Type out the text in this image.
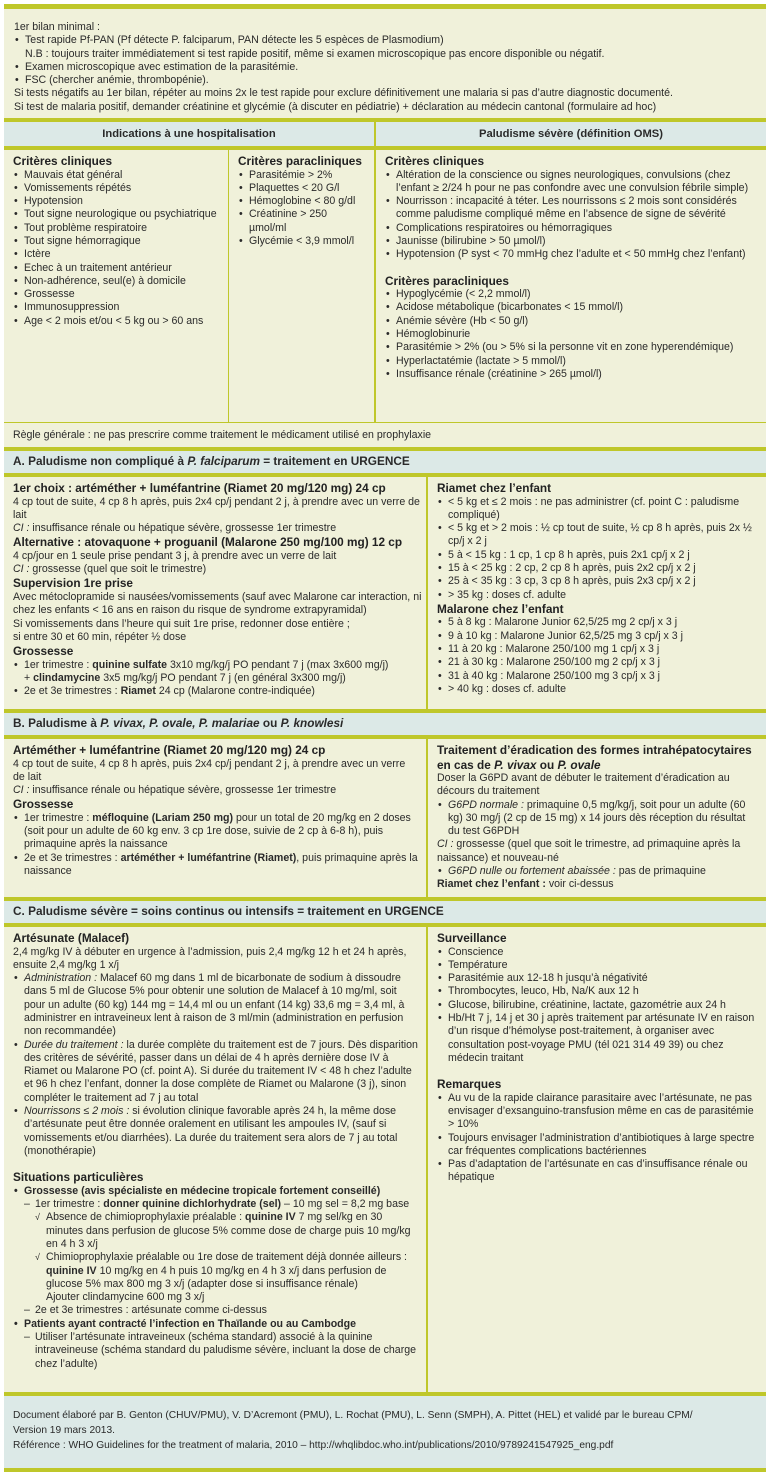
1er bilan minimal :

• Test rapide Pf-PAN (Pf détecte P. falciparum, PAN détecte les 5 espèces de Plasmodium)

N.B : toujours traiter immédiatement si test rapide positif, même si examen microscopique pas encore disponible ou négatif.

• Examen microscopique avec estimation de la parasitémie.
• FSC (chercher anémie, thrombopénie).

Si tests négatifs au 1er bilan, répéter au moins 2x le test rapide pour exclure définitivement une malaria si pas d’autre diagnostic documenté.

Si test de malaria positif, demander créatinine et glycémie (à discuter en pédiatrie) + déclaration au médecin cantonal (formulaire ad hoc)

Indications à une hospitalisation	Paludisme sévère (définition OMS)
Critères cliniques
• Mauvais état général
• Vomissements répétés
• Hypotension
• Tout signe neurologique ou psychiatrique
• Tout problème respiratoire
• Tout signe hémorragique
• Ictère
• Echec à un traitement antérieur
• Non-adhérence, seul(e) à domicile
• Grossesse
• Immunosuppression
• Age < 2 mois et/ou < 5 kg ou > 60 ans
Critères paracliniques
• Parasitémie > 2%
• Plaquettes < 20 G/l
• Hémoglobine < 80 g/dl
• Créatinine > 250 µmol/ml
• Glycémie < 3,9 mmol/l
Critères cliniques
• Altération de la conscience ou signes neurologiques, convulsions (chez l’enfant ≥ 2/24 h pour ne pas confondre avec une convulsion fébrile simple)
• Nourrisson : incapacité à téter. Les nourrissons ≤ 2 mois sont considérés comme paludisme compliqué même en l’absence de signe de sévérité
• Complications respiratoires ou hémorragiques
• Jaunisse (bilirubine > 50 µmol/l)
• Hypotension (P syst < 70 mmHg chez l’adulte et < 50 mmHg chez l’enfant)
Critères paracliniques
• Hypoglycémie (< 2,2 mmol/l)
• Acidose métabolique (bicarbonates < 15 mmol/l)
• Anémie sévère (Hb < 50 g/l)
• Hémoglobinurie
• Parasitémie > 2% (ou > 5% si la personne vit en zone hyperendémique)
• Hyperlactatémie (lactate > 5 mmol/l)
• Insuffisance rénale (créatinine > 265 µmol/l)
Règle générale : ne pas prescrire comme traitement le médicament utilisé en prophylaxie
A. Paludisme non compliqué à P. falciparum = traitement en URGENCE
1er choix : artéméther + luméfantrine (Riamet 20 mg/120 mg) 24 cp
4 cp tout de suite, 4 cp 8 h après, puis 2x4 cp/j pendant 2 j, à prendre avec un verre de lait
CI : insuffisance rénale ou hépatique sévère, grossesse 1er trimestre
Alternative : atovaquone + proguanil (Malarone 250 mg/100 mg) 12 cp
4 cp/jour en 1 seule prise pendant 3 j, à prendre avec un verre de lait
CI : grossesse (quel que soit le trimestre)
Supervision 1re prise
Avec métoclopramide si nausées/vomissements (sauf avec Malarone car interaction, ni chez les enfants < 16 ans en raison du risque de syndrome extrapyramidal)
Si vomissements dans l’heure qui suit 1re prise, redonner dose entière ;
si entre 30 et 60 min, répéter ½ dose
Grossesse
• 1er trimestre : quinine sulfate 3x10 mg/kg/j PO pendant 7 j (max 3x600 mg/j)
+ clindamycine 3x5 mg/kg/j PO pendant 7 j (en général 3x300 mg/j)
• 2e et 3e trimestres : Riamet 24 cp (Malarone contre-indiquée)
Riamet chez l’enfant
• < 5 kg et ≤ 2 mois : ne pas administrer (cf. point C : paludisme compliqué)
• < 5 kg et > 2 mois : ½ cp tout de suite, ½ cp 8 h après, puis 2x ½ cp/j x 2 j
• 5 à < 15 kg : 1 cp, 1 cp 8 h après, puis 2x1 cp/j x 2 j
• 15 à < 25 kg : 2 cp, 2 cp 8 h après, puis 2x2 cp/j x 2 j
• 25 à < 35 kg : 3 cp, 3 cp 8 h après, puis 2x3 cp/j x 2 j
• > 35 kg : doses cf. adulte
Malarone chez l’enfant
• 5 à 8 kg : Malarone Junior 62,5/25 mg 2 cp/j x 3 j
• 9 à 10 kg : Malarone Junior 62,5/25 mg 3 cp/j x 3 j
• 11 à 20 kg : Malarone 250/100 mg 1 cp/j x 3 j
• 21 à 30 kg : Malarone 250/100 mg 2 cp/j x 3 j
• 31 à 40 kg : Malarone 250/100 mg 3 cp/j x 3 j
• > 40 kg : doses cf. adulte
B. Paludisme à P. vivax, P. ovale, P. malariae ou P. knowlesi
Artéméther + luméfantrine (Riamet 20 mg/120 mg) 24 cp
4 cp tout de suite, 4 cp 8 h après, puis 2x4 cp/j pendant 2 j, à prendre avec un verre de lait
CI : insuffisance rénale ou hépatique sévère, grossesse 1er trimestre
Grossesse
• 1er trimestre : méfloquine (Lariam 250 mg) pour un total de 20 mg/kg en 2 doses (soit pour un adulte de 60 kg env. 3 cp 1re dose, suivie de 2 cp à 6-8 h), puis primaquine après la naissance
• 2e et 3e trimestres : artéméther + luméfantrine (Riamet), puis primaquine après la naissance
Traitement d’éradication des formes intrahépatocytaires en cas de P. vivax ou P. ovale
Doser la G6PD avant de débuter le traitement d’éradication au décours du traitement
• G6PD normale : primaquine 0,5 mg/kg/j, soit pour un adulte (60 kg) 30 mg/j (2 cp de 15 mg) x 14 jours dès réception du résultat du test G6PDH
CI : grossesse (quel que soit le trimestre, ad primaquine après la naissance) et nouveau-né
• G6PD nulle ou fortement abaissée : pas de primaquine
Riamet chez l’enfant : voir ci-dessus
C. Paludisme sévère = soins continus ou intensifs = traitement en URGENCE
Artésunate (Malacef)
2,4 mg/kg IV à débuter en urgence à l’admission, puis 2,4 mg/kg 12 h et 24 h après, ensuite 2,4 mg/kg 1 x/j
• Administration : Malacef 60 mg dans 1 ml de bicarbonate de sodium à dissoudre dans 5 ml de Glucose 5% pour obtenir une solution de Malacef à 10 mg/ml, soit pour un adulte (60 kg) 144 mg = 14,4 ml ou un enfant (14 kg) 33,6 mg = 3,4 ml, à administrer en intraveineux lent à raison de 3 ml/min (administration en perfusion non recommandée)
• Durée du traitement : la durée complète du traitement est de 7 jours. Dès disparition des critères de sévérité, passer dans un délai de 4 h après dernière dose IV à Riamet ou Malarone PO (cf. point A). Si durée du traitement IV < 48 h chez l’adulte et 96 h chez l’enfant, donner la dose complète de Riamet ou Malarone (3 j), sinon compléter le traitement ad 7 j au total
• Nourrissons ≤ 2 mois : si évolution clinique favorable après 24 h, la même dose d’artésunate peut être donnée oralement en utilisant les ampoules IV, (sauf si vomissements et/ou diarrhées). La durée du traitement sera alors de 7 j au total (monothérapie)
Situations particulières
• Grossesse (avis spécialiste en médecine tropicale fortement conseillé)
– 1er trimestre : donner quinine dichlorhydrate (sel) – 10 mg sel = 8,2 mg base
√ Absence de chimioprophylaxie préalable : quinine IV 7 mg sel/kg en 30 minutes dans perfusion de glucose 5% comme dose de charge puis 10 mg/kg en 4 h 3 x/j
√ Chimioprophylaxie préalable ou 1re dose de traitement déjà donnée ailleurs : quinine IV 10 mg/kg en 4 h puis 10 mg/kg en 4 h 3 x/j dans perfusion de glucose 5% max 800 mg 3 x/j (adapter dose si insuffisance rénale)
Ajouter clindamycine 600 mg 3 x/j
– 2e et 3e trimestres : artésunate comme ci-dessus
• Patients ayant contracté l’infection en Thaïlande ou au Cambodge
– Utiliser l’artésunate intraveineux (schéma standard) associé à la quinine intraveineuse (schéma standard du paludisme sévère, incluant la dose de charge chez l’adulte)
Surveillance
• Conscience
• Température
• Parasitémie aux 12-18 h jusqu’à négativité
• Thrombocytes, leuco, Hb, Na/K aux 12 h
• Glucose, bilirubine, créatinine, lactate, gazométrie aux 24 h
• Hb/Ht 7 j, 14 j et 30 j après traitement par artésunate IV en raison d’un risque d’hémolyse post-traitement, à organiser avec consultation post-voyage PMU (tél 021 314 49 39) ou chez médecin traitant
Remarques
• Au vu de la rapide clairance parasitaire avec l’artésunate, ne pas envisager d’exsanguino-transfusion même en cas de parasitémie > 10%
• Toujours envisager l’administration d’antibiotiques à large spectre car fréquentes complications bactériennes
• Pas d’adaptation de l’artésunate en cas d’insuffisance rénale ou hépatique
Document élaboré par B. Genton (CHUV/PMU), V. D’Acremont (PMU), L. Rochat (PMU), L. Senn (SMPH), A. Pittet (HEL) et validé par le bureau CPM/
Version 19 mars 2013.
Référence : WHO Guidelines for the treatment of malaria, 2010 – http://whqlibdoc.who.int/publications/2010/9789241547925_eng.pdf
